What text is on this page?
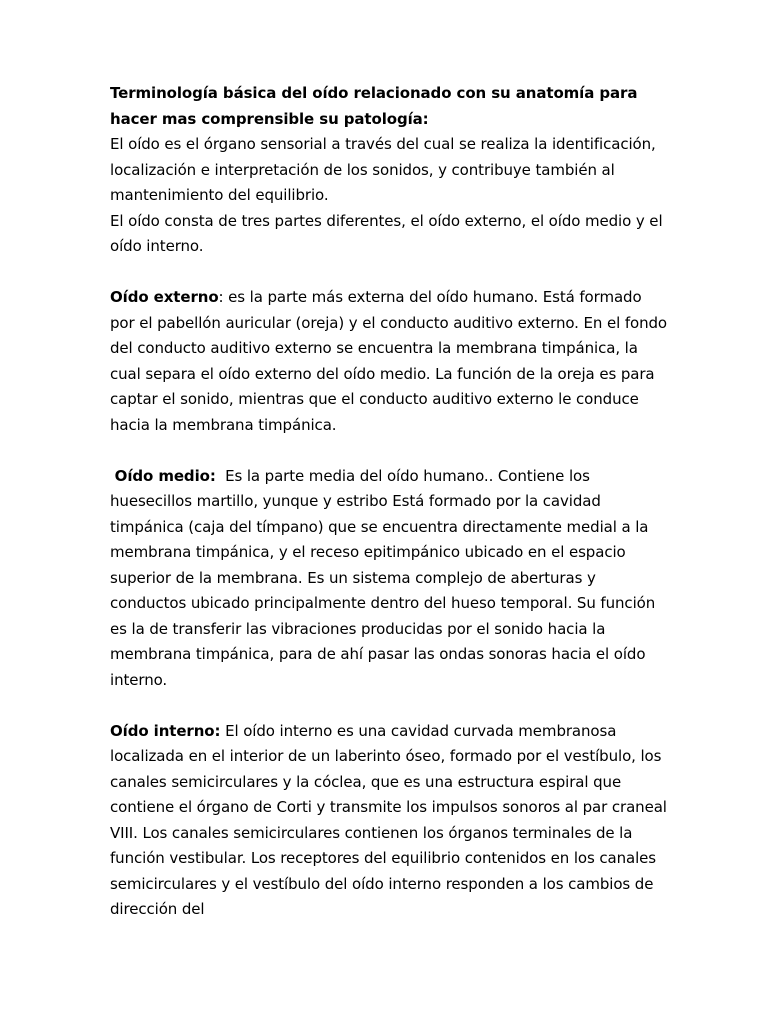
Terminología básica del oído relacionado con su anatomía para hacer mas comprensible su patología:

El oído es el órgano sensorial a través del cual se realiza la identificación, localización e interpretación de los sonidos, y contribuye también al mantenimiento del equilibrio.

El oído consta de tres partes diferentes, el oído externo, el oído medio y el oído interno.

Oído externo: es la parte más externa del oído humano. Está formado por el pabellón auricular (oreja) y el conducto auditivo externo. En el fondo del conducto auditivo externo se encuentra la membrana timpánica, la cual separa el oído externo del oído medio. La función de la oreja es para captar el sonido, mientras que el conducto auditivo externo le conduce hacia la membrana timpánica.

Oído medio: Es la parte media del oído humano.. Contiene los huesecillos martillo, yunque y estribo Está formado por la cavidad timpánica (caja del tímpano) que se encuentra directamente medial a la membrana timpánica, y el receso epitimpánico ubicado en el espacio superior de la membrana. Es un sistema complejo de aberturas y conductos ubicado principalmente dentro del hueso temporal. Su función es la de transferir las vibraciones producidas por el sonido hacia la membrana timpánica, para de ahí pasar las ondas sonoras hacia el oído interno.

Oído interno: El oído interno es una cavidad curvada membranosa localizada en el interior de un laberinto óseo, formado por el vestíbulo, los canales semicirculares y la cóclea, que es una estructura espiral que contiene el órgano de Corti y transmite los impulsos sonoros al par craneal VIII. Los canales semicirculares contienen los órganos terminales de la función vestibular. Los receptores del equilibrio contenidos en los canales semicirculares y el vestíbulo del oído interno responden a los cambios de dirección del
